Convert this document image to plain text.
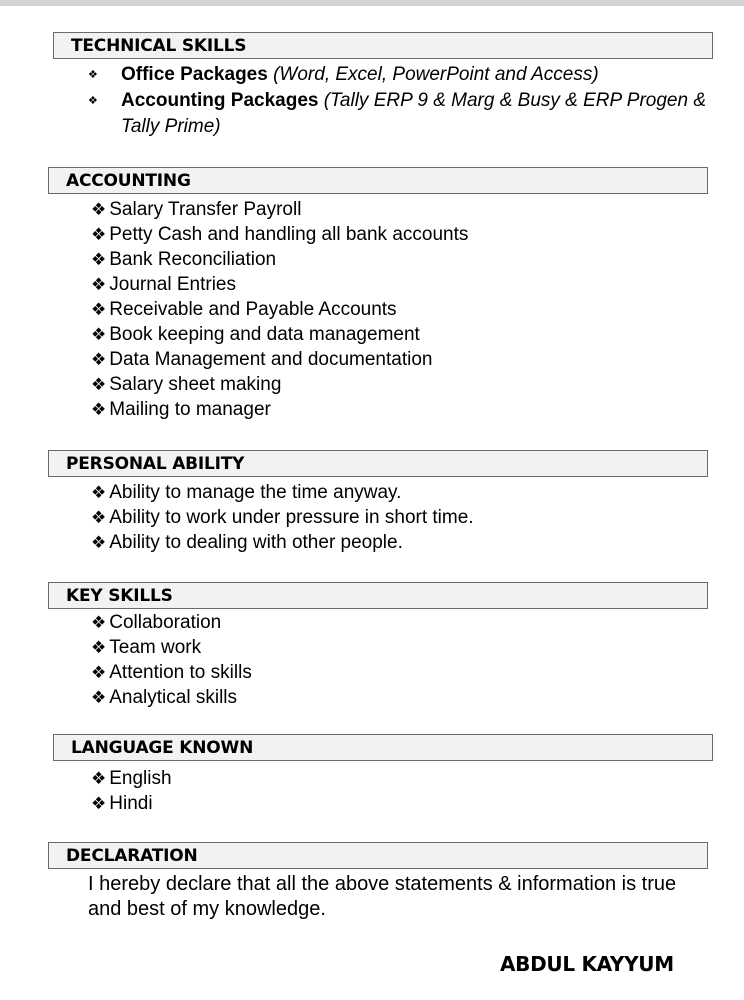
TECHNICAL SKILLS
❖ Office Packages (Word, Excel, PowerPoint and Access)
❖ Accounting Packages (Tally ERP 9 & Marg & Busy & ERP Progen & Tally Prime)
ACCOUNTING
❖ Salary Transfer Payroll
❖ Petty Cash and handling all bank accounts
❖ Bank Reconciliation
❖ Journal Entries
❖ Receivable and Payable Accounts
❖ Book keeping and data management
❖ Data Management and documentation
❖ Salary sheet making
❖ Mailing to manager
PERSONAL ABILITY
❖ Ability to manage the time anyway.
❖ Ability to work under pressure in short time.
❖ Ability to dealing with other people.
KEY SKILLS
❖ Collaboration
❖ Team work
❖ Attention to skills
❖ Analytical skills
LANGUAGE KNOWN
❖ English
❖ Hindi
DECLARATION

I hereby declare that all the above statements & information is true and best of my knowledge.

ABDUL KAYYUM
